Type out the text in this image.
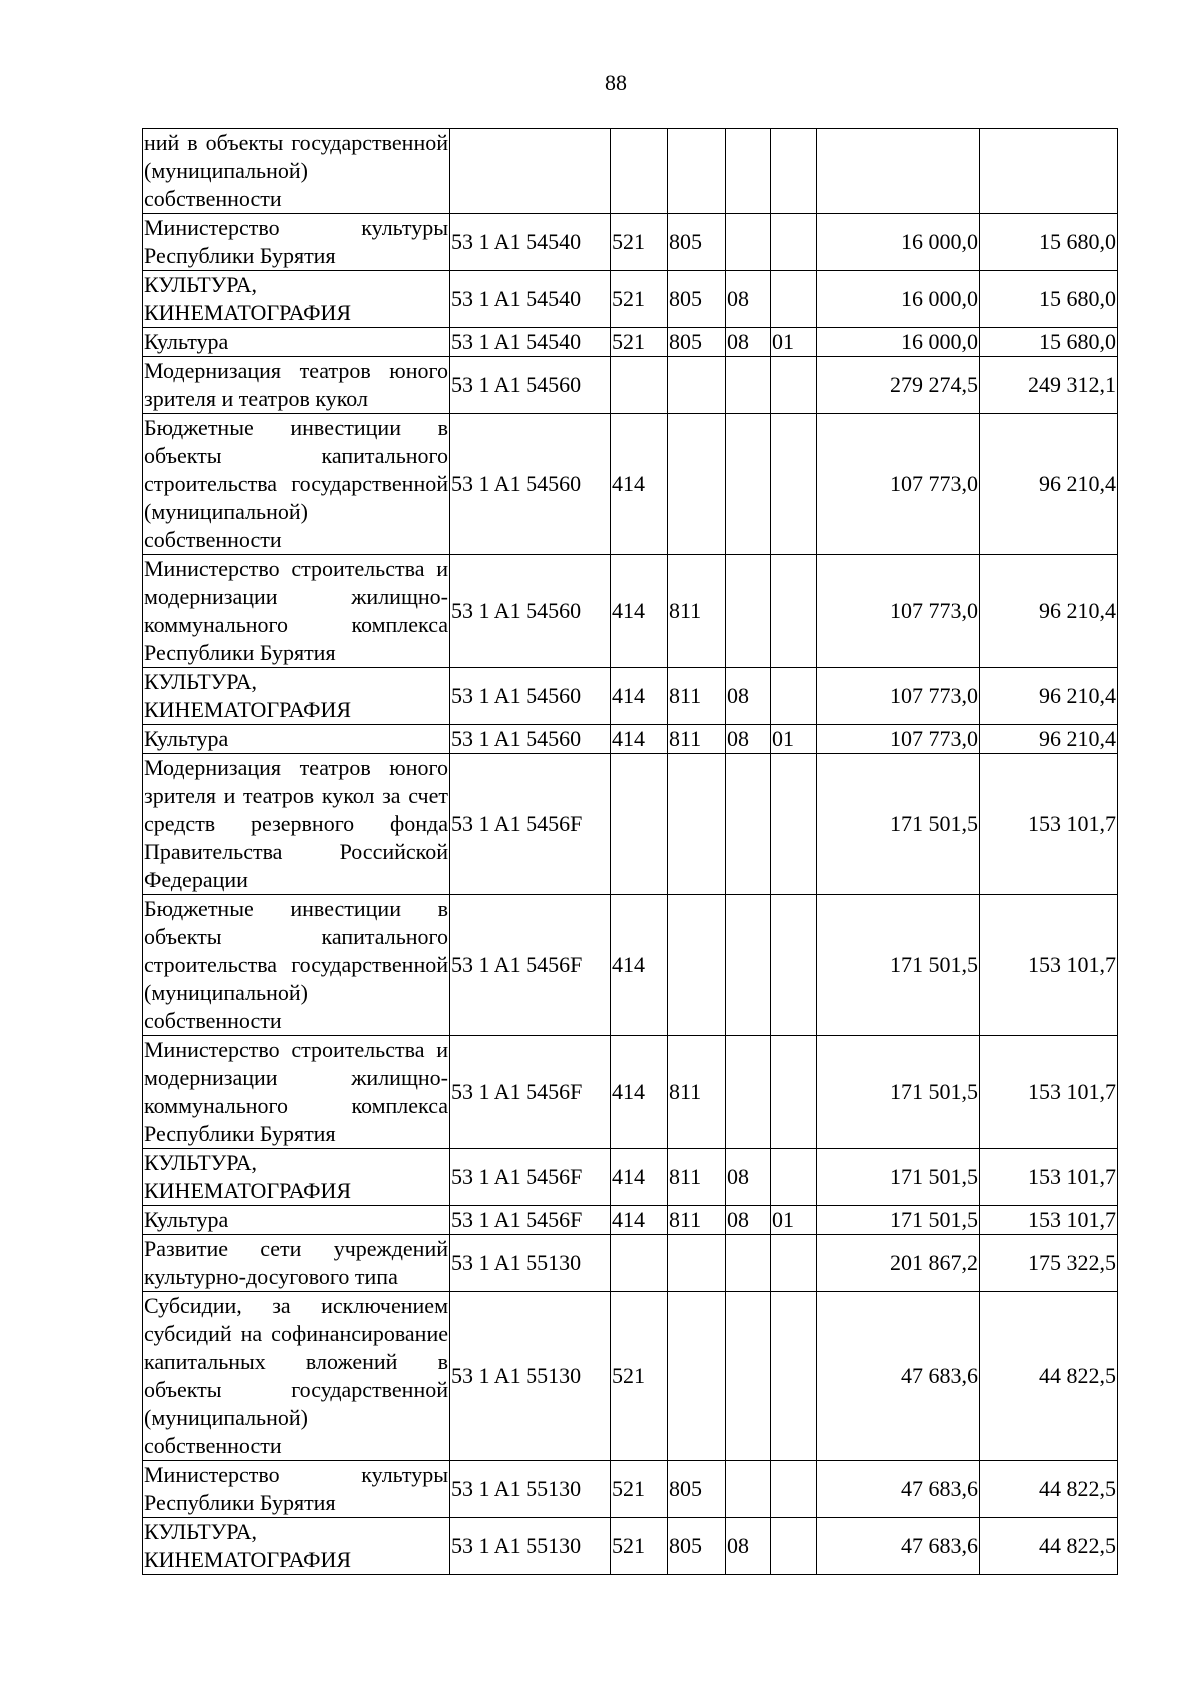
88
ний в объекты государственной (муниципальной) собственности							
Министерство культуры Республики Бурятия	53 1 A1 54540	521	805			16 000,0	15 680,0
КУЛЬТУРА, КИНЕМАТОГРАФИЯ	53 1 A1 54540	521	805	08		16 000,0	15 680,0
Культура	53 1 A1 54540	521	805	08	01	16 000,0	15 680,0
Модернизация театров юного зрителя и театров кукол	53 1 A1 54560					279 274,5	249 312,1
Бюджетные инвестиции в объекты капитального строительства государственной (муниципальной) собственности	53 1 A1 54560	414				107 773,0	96 210,4
Министерство строительства и модернизации жилищно-коммунального комплекса Республики Бурятия	53 1 A1 54560	414	811			107 773,0	96 210,4
КУЛЬТУРА, КИНЕМАТОГРАФИЯ	53 1 A1 54560	414	811	08		107 773,0	96 210,4
Культура	53 1 A1 54560	414	811	08	01	107 773,0	96 210,4
Модернизация театров юного зрителя и театров кукол за счет средств резервного фонда Правительства Российской Федерации	53 1 A1 5456F					171 501,5	153 101,7
Бюджетные инвестиции в объекты капитального строительства государственной (муниципальной) собственности	53 1 A1 5456F	414				171 501,5	153 101,7
Министерство строительства и модернизации жилищно-коммунального комплекса Республики Бурятия	53 1 A1 5456F	414	811			171 501,5	153 101,7
КУЛЬТУРА, КИНЕМАТОГРАФИЯ	53 1 A1 5456F	414	811	08		171 501,5	153 101,7
Культура	53 1 A1 5456F	414	811	08	01	171 501,5	153 101,7
Развитие сети учреждений культурно-досугового типа	53 1 A1 55130					201 867,2	175 322,5
Субсидии, за исключением субсидий на софинансирование капитальных вложений в объекты государственной (муниципальной) собственности	53 1 A1 55130	521				47 683,6	44 822,5
Министерство культуры Республики Бурятия	53 1 A1 55130	521	805			47 683,6	44 822,5
КУЛЬТУРА, КИНЕМАТОГРАФИЯ	53 1 A1 55130	521	805	08		47 683,6	44 822,5
